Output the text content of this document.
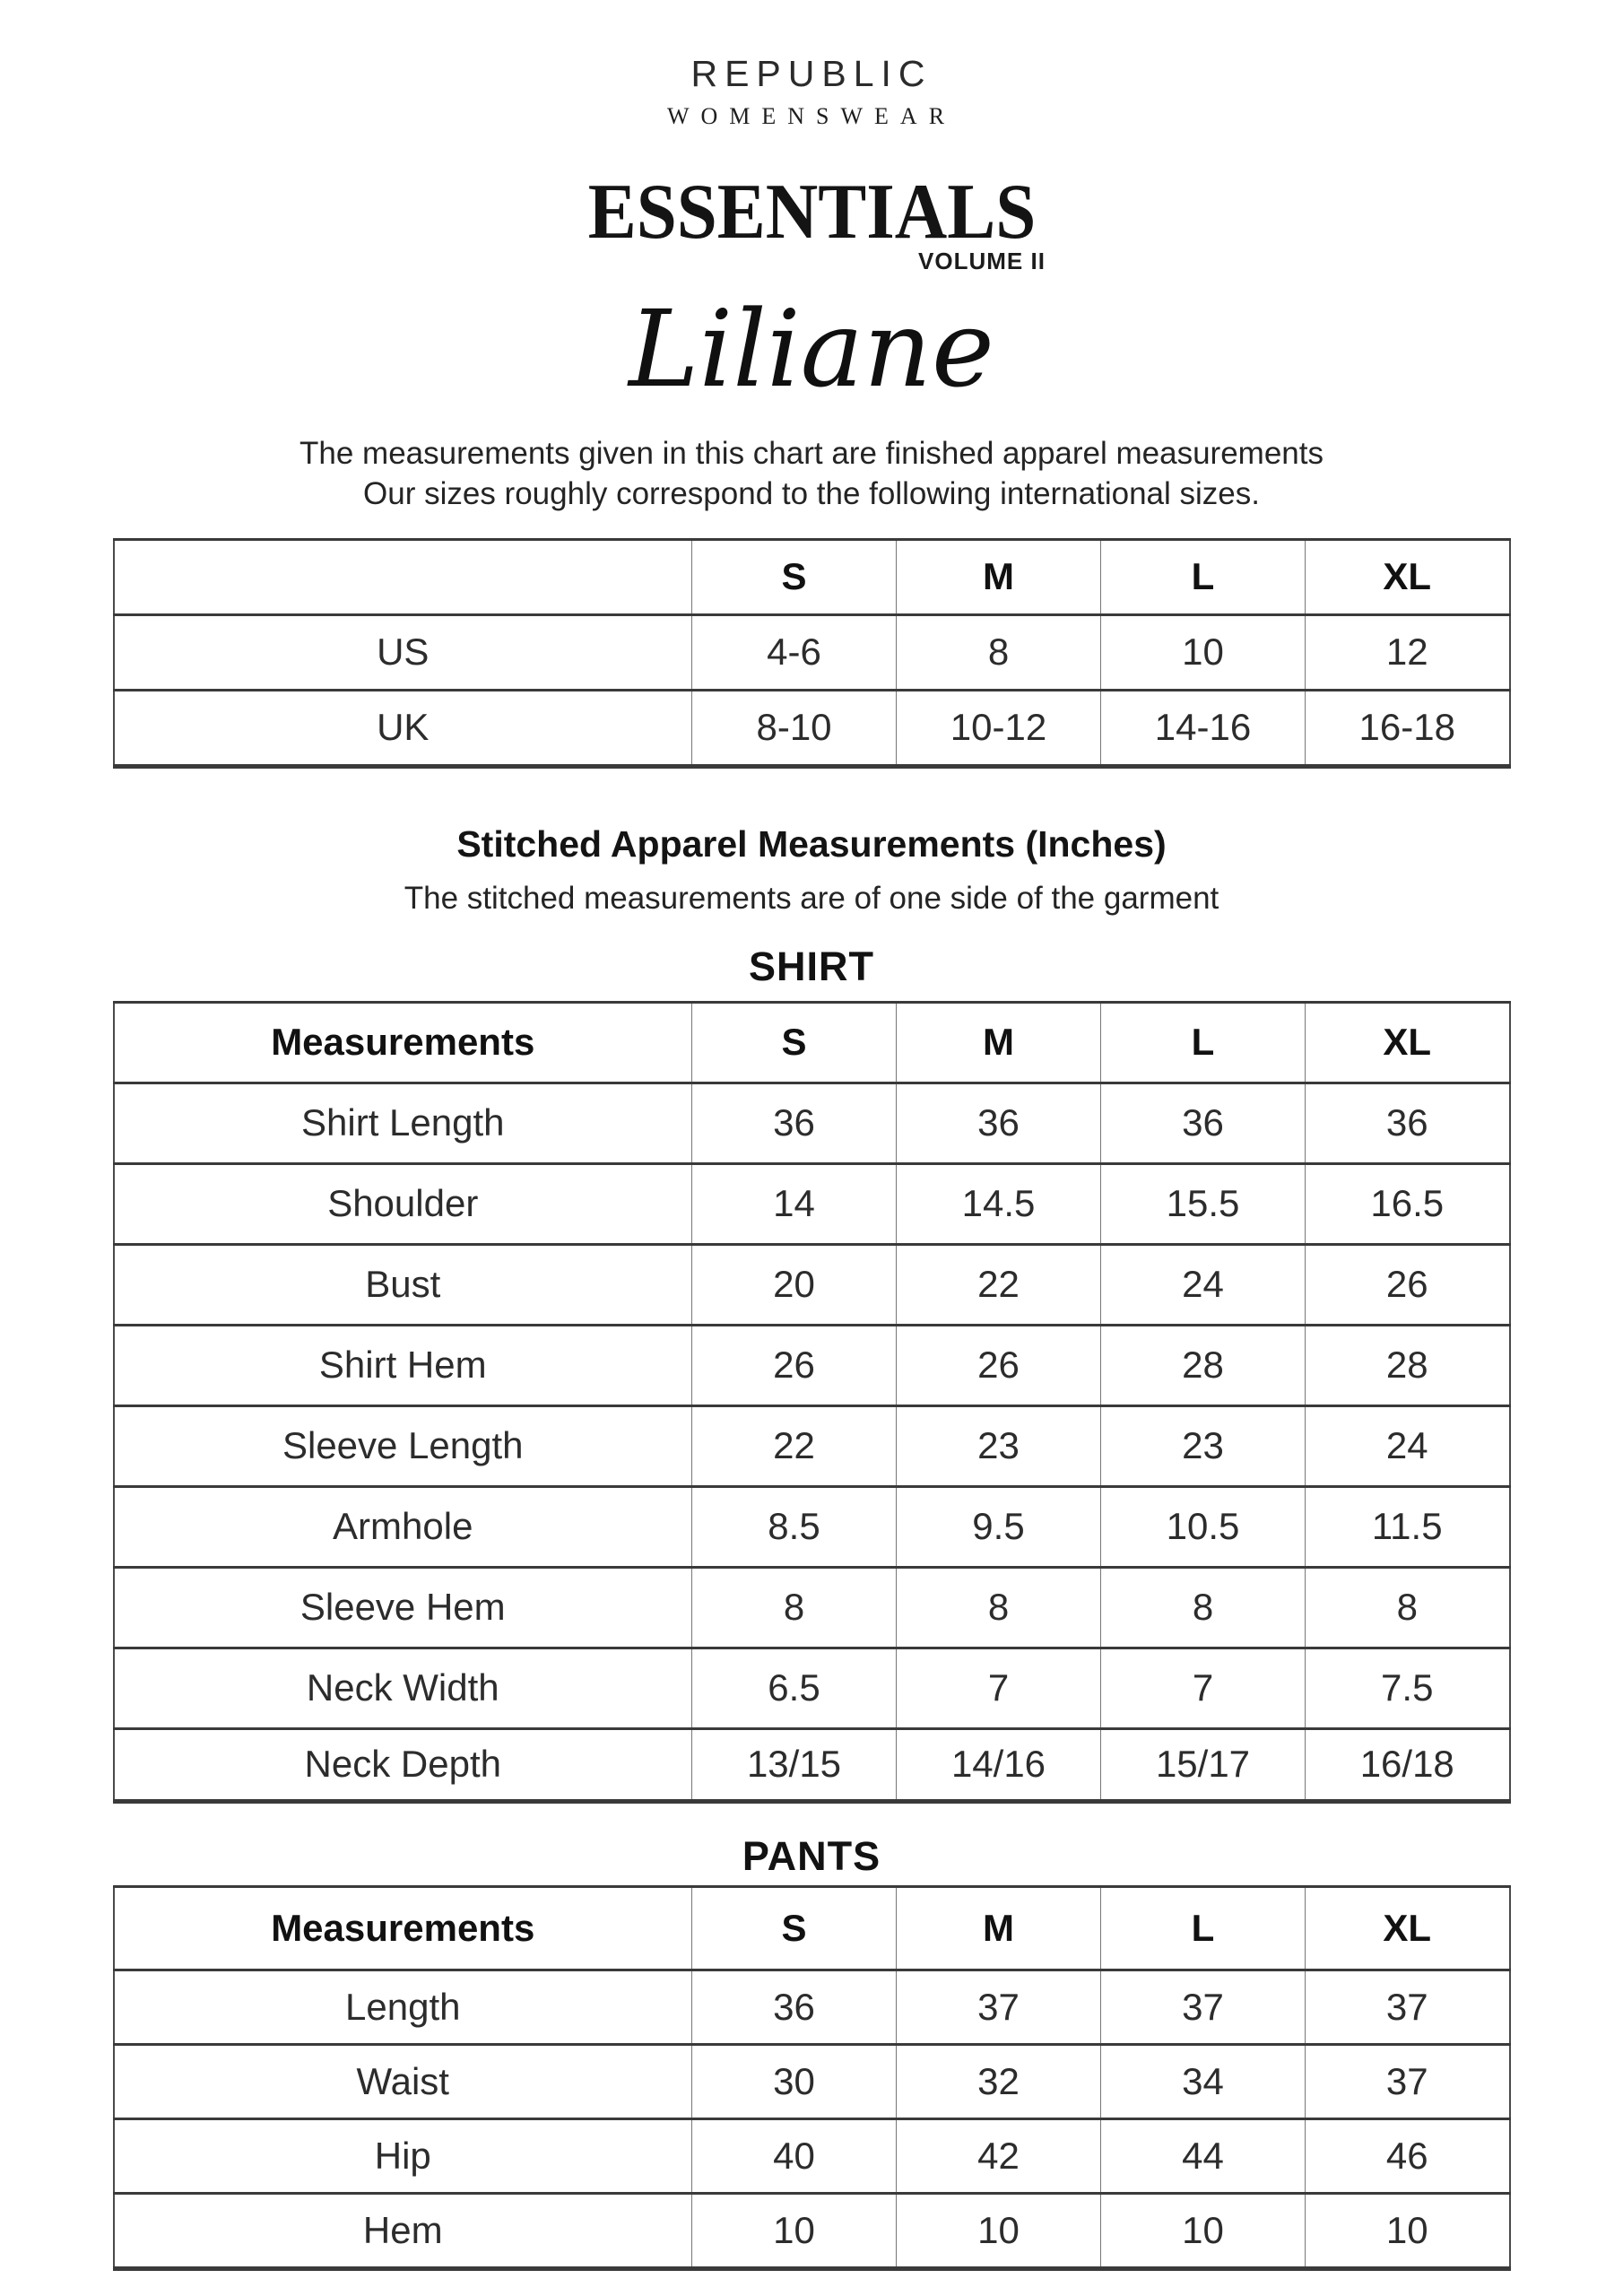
REPUBLIC
WOMENSWEAR
ESSENTIALS
VOLUME II
Liliane
The measurements given in this chart are finished apparel measurements
Our sizes roughly correspond to the following international sizes.
	S	M	L	XL
US	4-6	8	10	12
UK	8-10	10-12	14-16	16-18
Stitched Apparel Measurements (Inches)
The stitched measurements are of one side of the garment
SHIRT
Measurements	S	M	L	XL
Shirt Length	36	36	36	36
Shoulder	14	14.5	15.5	16.5
Bust	20	22	24	26
Shirt Hem	26	26	28	28
Sleeve Length	22	23	23	24
Armhole	8.5	9.5	10.5	11.5
Sleeve Hem	8	8	8	8
Neck Width	6.5	7	7	7.5
Neck Depth	13/15	14/16	15/17	16/18
PANTS
Measurements	S	M	L	XL
Length	36	37	37	37
Waist	30	32	34	37
Hip	40	42	44	46
Hem	10	10	10	10
